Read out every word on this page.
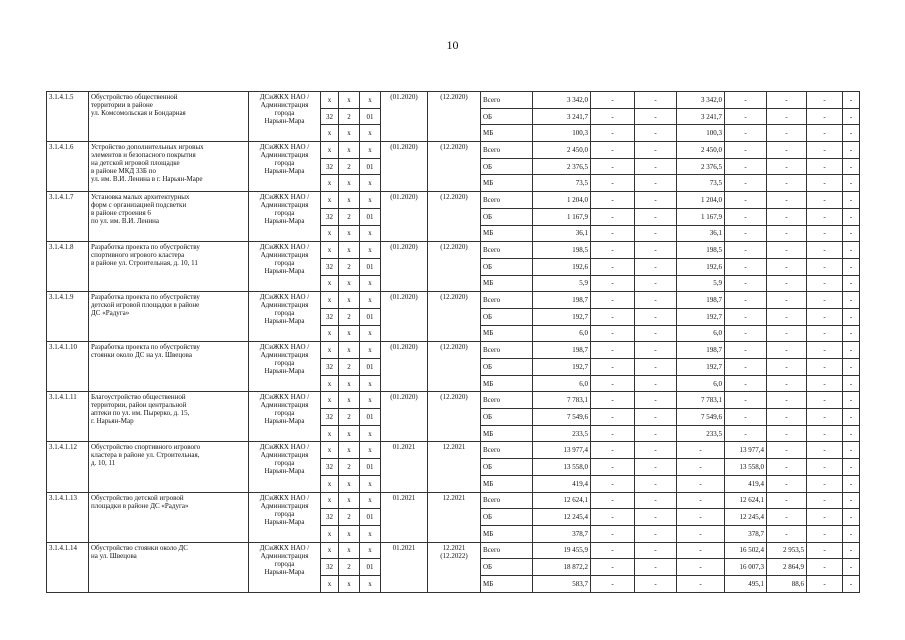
10
3.1.4.1.5	Обустройство общественной
территории в районе
ул. Комсомольская и Бондарная	ДСиЖКХ НАО /
Администрация
города
Нарьян-Мара	x	x	x	(01.2020)	(12.2020)	Всего	3 342,0	-	-	3 342,0	-	-	-	-
			32	2	01			ОБ	3 241,7	-	-	3 241,7	-	-	-	-
			x	x	x			МБ	100,3	-	-	100,3	-	-	-	-
3.1.4.1.6	Устройство дополнительных игровых
элементов и безопасного покрытия
на детской игровой площадке
в районе МКД 33Б по
ул. им. В.И. Ленина в г. Нарьян-Маре	ДСиЖКХ НАО /
Администрация
города
Нарьян-Мара	x	x	x	(01.2020)	(12.2020)	Всего	2 450,0	-	-	2 450,0	-	-	-	-
			32	2	01			ОБ	2 376,5	-	-	2 376,5	-	-	-	-
			x	x	x			МБ	73,5	-	-	73,5	-	-	-	-
3.1.4.1.7	Установка малых архитектурных
форм с организацией подсветки
в районе строения 6
по ул. им. В.И. Ленина	ДСиЖКХ НАО /
Администрация
города
Нарьян-Мара	x	x	x	(01.2020)	(12.2020)	Всего	1 204,0	-	-	1 204,0	-	-	-	-
			32	2	01			ОБ	1 167,9	-	-	1 167,9	-	-	-	-
			x	x	x			МБ	36,1	-	-	36,1	-	-	-	-
3.1.4.1.8	Разработка проекта по обустройству
спортивного игрового кластера
в районе ул. Строительная, д. 10, 11	ДСиЖКХ НАО /
Администрация
города
Нарьян-Мара	x	x	x	(01.2020)	(12.2020)	Всего	198,5	-	-	198,5	-	-	-	-
			32	2	01			ОБ	192,6	-	-	192,6	-	-	-	-
			x	x	x			МБ	5,9	-	-	5,9	-	-	-	-
3.1.4.1.9	Разработка проекта по обустройству
детской игровой площадки в районе
ДС «Радуга»	ДСиЖКХ НАО /
Администрация
города
Нарьян-Мара	x	x	x	(01.2020)	(12.2020)	Всего	198,7	-	-	198,7	-	-	-	-
			32	2	01			ОБ	192,7	-	-	192,7	-	-	-	-
			x	x	x			МБ	6,0	-	-	6,0	-	-	-	-
3.1.4.1.10	Разработка проекта по обустройству
стоянки около ДС на ул. Швецова	ДСиЖКХ НАО /
Администрация
города
Нарьян-Мара	x	x	x	(01.2020)	(12.2020)	Всего	198,7	-	-	198,7	-	-	-	-
			32	2	01			ОБ	192,7	-	-	192,7	-	-	-	-
			x	x	x			МБ	6,0	-	-	6,0	-	-	-	-
3.1.4.1.11	Благоустройство общественной
территории, район центральной
аптеки по ул. им. Пырерко, д. 15,
г. Нарьян-Мар	ДСиЖКХ НАО /
Администрация
города
Нарьян-Мара	x	x	x	(01.2020)	(12.2020)	Всего	7 783,1	-	-	7 783,1	-	-	-	-
			32	2	01			ОБ	7 549,6	-	-	7 549,6	-	-	-	-
			x	x	x			МБ	233,5	-	-	233,5	-	-	-	-
3.1.4.1.12	Обустройство спортивного игрового
кластера в районе ул. Строительная,
д. 10, 11	ДСиЖКХ НАО /
Администрация
города
Нарьян-Мара	x	x	x	01.2021	12.2021	Всего	13 977,4	-	-	-	13 977,4	-	-	-
			32	2	01			ОБ	13 558,0	-	-	-	13 558,0	-	-	-
			x	x	x			МБ	419,4	-	-	-	419,4	-	-	-
3.1.4.1.13	Обустройство детской игровой
площадки в районе ДС «Радуга»	ДСиЖКХ НАО /
Администрация
города
Нарьян-Мара	x	x	x	01.2021	12.2021	Всего	12 624,1	-	-	-	12 624,1	-	-	-
			32	2	01			ОБ	12 245,4	-	-	-	12 245,4	-	-	-
			x	x	x			МБ	378,7	-	-	-	378,7	-	-	-
3.1.4.1.14	Обустройство стоянки около ДС
на ул. Швецова	ДСиЖКХ НАО /
Администрация
города
Нарьян-Мара	x	x	x	01.2021	12.2021
(12.2022)	Всего	19 455,9	-	-	-	16 502,4	2 953,5	-	-
			32	2	01			ОБ	18 872,2	-	-	-	16 007,3	2 864,9	-	-
			x	x	x			МБ	583,7	-	-	-	495,1	88,6	-	-
